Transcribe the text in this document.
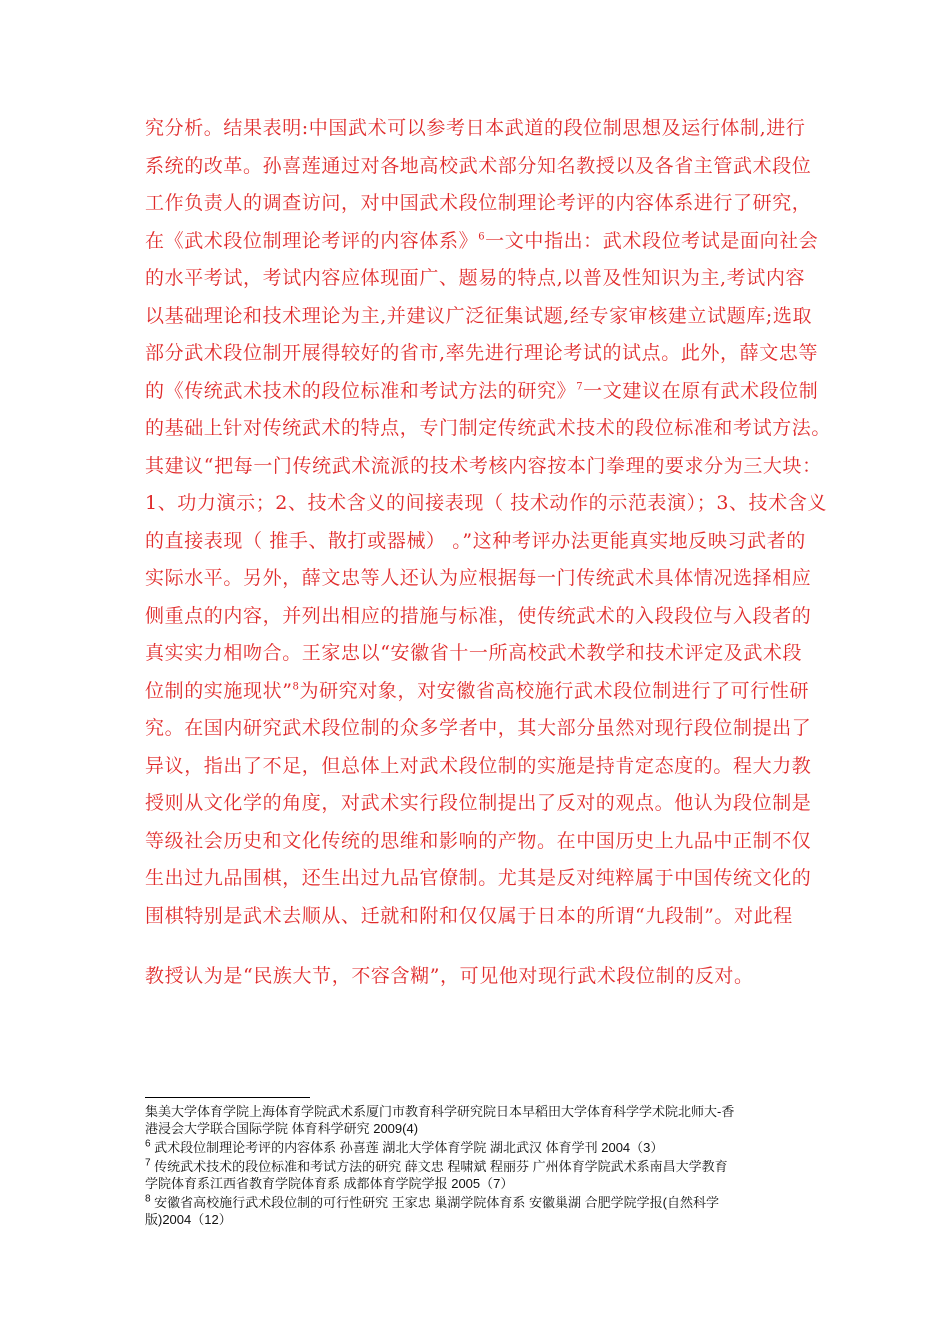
究分析。结果表明:中国武术可以参考日本武道的段位制思想及运行体制,进行
系统的改革。孙喜莲通过对各地高校武术部分知名教授以及各省主管武术段位
工作负责人的调查访问，对中国武术段位制理论考评的内容体系进行了研究，
在《武术段位制理论考评的内容体系》$^6$一文中指出：武术段位考试是面向社会
的水平考试，考试内容应体现面广、题易的特点,以普及性知识为主,考试内容
以基础理论和技术理论为主,并建议广泛征集试题,经专家审核建立试题库;选取
部分武术段位制开展得较好的省市,率先进行理论考试的试点。此外，薛文忠等
的《传统武术技术的段位标准和考试方法的研究》$^7$一文建议在原有武术段位制
的基础上针对传统武术的特点，专门制定传统武术技术的段位标准和考试方法。
其建议“把每一门传统武术流派的技术考核内容按本门拳理的要求分为三大块：
1、功力演示；2、技术含义的间接表现（ 技术动作的示范表演）；3、技术含义
的直接表现（ 推手、散打或器械） 。”这种考评办法更能真实地反映习武者的
实际水平。另外，薛文忠等人还认为应根据每一门传统武术具体情况选择相应
侧重点的内容，并列出相应的措施与标准，使传统武术的入段段位与入段者的
真实实力相吻合。王家忠以“安徽省十一所高校武术教学和技术评定及武术段
位制的实施现状”$^8$为研究对象，对安徽省高校施行武术段位制进行了可行性研
究。在国内研究武术段位制的众多学者中，其大部分虽然对现行段位制提出了
异议，指出了不足，但总体上对武术段位制的实施是持肯定态度的。程大力教
授则从文化学的角度，对武术实行段位制提出了反对的观点。他认为段位制是
等级社会历史和文化传统的思维和影响的产物。在中国历史上九品中正制不仅
生出过九品围棋，还生出过九品官僚制。尤其是反对纯粹属于中国传统文化的
围棋特别是武术去顺从、迁就和附和仅仅属于日本的所谓“九段制”。对此程
教授认为是“民族大节，不容含糊”，可见他对现行武术段位制的反对。
集美大学体育学院上海体育学院武术系厦门市教育科学研究院日本早稻田大学体育科学学术院北师大-香
港浸会大学联合国际学院 体育科学研究 2009(4)
$^6$ 武术段位制理论考评的内容体系 孙喜莲 湖北大学体育学院 湖北武汉 体育学刊 2004（3）
$^7$ 传统武术技术的段位标准和考试方法的研究 薛文忠 程啸斌 程丽芬 广州体育学院武术系南昌大学教育
学院体育系江西省教育学院体育系 成都体育学院学报 2005（7）
$^8$ 安徽省高校施行武术段位制的可行性研究 王家忠 巢湖学院体育系 安徽巢湖 合肥学院学报(自然科学
版)2004（12）
